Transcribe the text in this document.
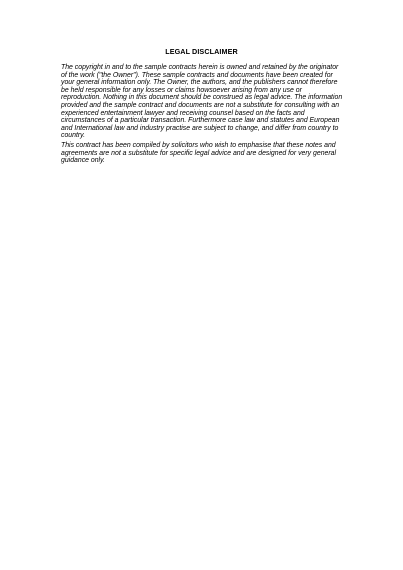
LEGAL DISCLAIMER
The copyright in and to the sample contracts herein is owned and retained by the originator of the work ("the Owner"). These sample contracts and documents have been created for your general information only. The Owner, the authors, and the publishers cannot therefore be held responsible for any losses or claims howsoever arising from any use or reproduction. Nothing in this document should be construed as legal advice. The information provided and the sample contract and documents are not a substitute for consulting with an experienced entertainment lawyer and receiving counsel based on the facts and circumstances of a particular transaction. Furthermore case law and statutes and European and International law and industry practise are subject to change, and differ from country to country.
This contract has been compiled by solicitors who wish to emphasise that these notes and agreements are not a substitute for specific legal advice and are designed for very general guidance only.
